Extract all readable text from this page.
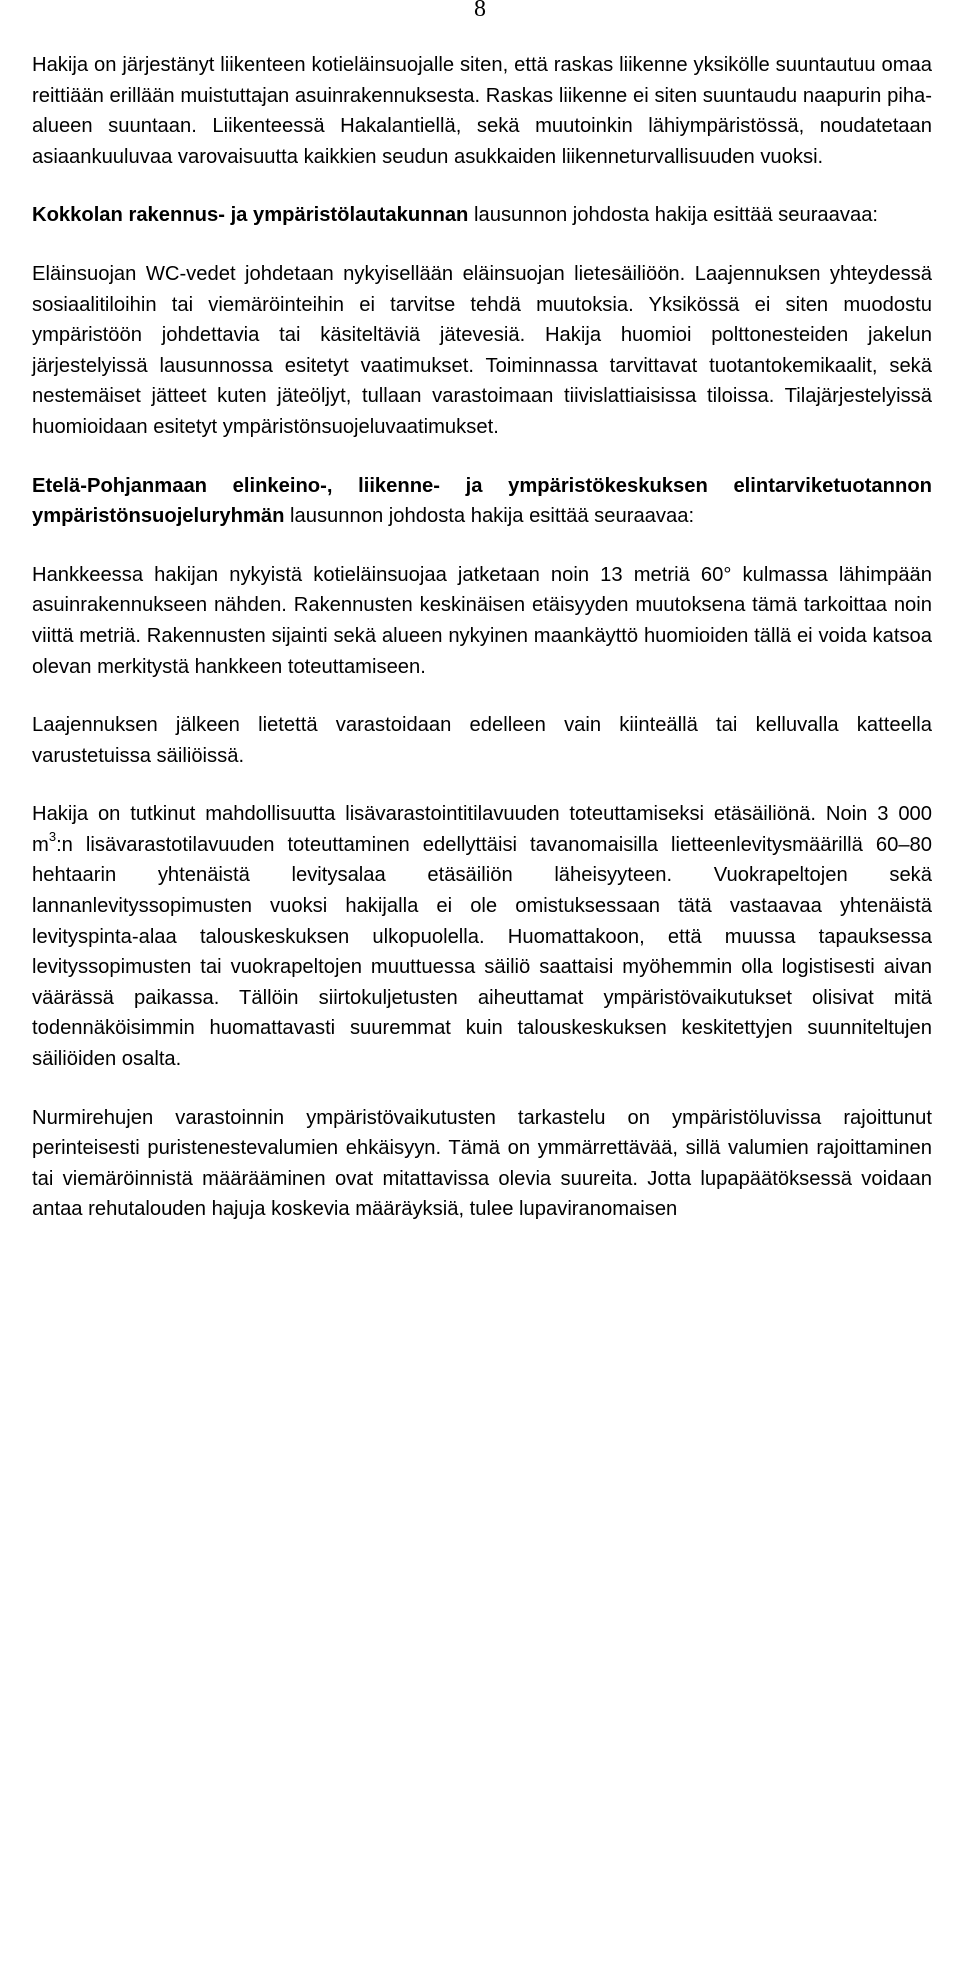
8

Hakija on järjestänyt liikenteen kotieläinsuojalle siten, että raskas liikenne yksikölle suuntautuu omaa reittiään erillään muistuttajan asuinrakennuksesta. Raskas liikenne ei siten suuntaudu naapurin piha-alueen suuntaan. Liikenteessä Hakalantiellä, sekä muutoinkin lähiympäristössä, noudatetaan asiaankuuluvaa varovaisuutta kaikkien seudun asukkaiden liikenneturvallisuuden vuoksi.

Kokkolan rakennus- ja ympäristölautakunnan lausunnon johdosta hakija esittää seuraavaa:

Eläinsuojan WC-vedet johdetaan nykyisellään eläinsuojan lietesäiliöön. Laajennuksen yhteydessä sosiaalitiloihin tai viemäröinteihin ei tarvitse tehdä muutoksia. Yksikössä ei siten muodostu ympäristöön johdettavia tai käsiteltäviä jätevesiä. Hakija huomioi polttonesteiden jakelun järjestelyissä lausunnossa esitetyt vaatimukset. Toiminnassa tarvittavat tuotantokemikaalit, sekä nestemäiset jätteet kuten jäteöljyt, tullaan varastoimaan tiivislattiaisissa tiloissa. Tilajärjestelyissä huomioidaan esitetyt ympäristönsuojeluvaatimukset.

Etelä-Pohjanmaan elinkeino-, liikenne- ja ympäristökeskuksen elintarviketuotannon ympäristönsuojeluryhmän lausunnon johdosta hakija esittää seuraavaa:

Hankkeessa hakijan nykyistä kotieläinsuojaa jatketaan noin 13 metriä 60° kulmassa lähimpään asuinrakennukseen nähden. Rakennusten keskinäisen etäisyyden muutoksena tämä tarkoittaa noin viittä metriä. Rakennusten sijainti sekä alueen nykyinen maankäyttö huomioiden tällä ei voida katsoa olevan merkitystä hankkeen toteuttamiseen.

Laajennuksen jälkeen lietettä varastoidaan edelleen vain kiinteällä tai kelluvalla katteella varustetuissa säiliöissä.

Hakija on tutkinut mahdollisuutta lisävarastointitilavuuden toteuttamiseksi etäsäiliönä. Noin 3 000 $m^3:n$ lisävarastotilavuuden toteuttaminen edellyttäisi tavanomaisilla lietteenlevitysmäärillä 60–80 hehtaarin yhtenäistä levitysalaa etäsäiliön läheisyyteen. Vuokrapeltojen sekä lannanlevityssopimusten vuoksi hakijalla ei ole omistuksessaan tätä vastaavaa yhtenäistä levityspinta-alaa talouskeskuksen ulkopuolella. Huomattakoon, että muussa tapauksessa levityssopimusten tai vuokrapeltojen muuttuessa säiliö saattaisi myöhemmin olla logistisesti aivan väärässä paikassa. Tällöin siirtokuljetusten aiheuttamat ympäristövaikutukset olisivat mitä todennäköisimmin huomattavasti suuremmat kuin talouskeskuksen keskitettyjen suunniteltujen säiliöiden osalta.

Nurmirehujen varastoinnin ympäristövaikutusten tarkastelu on ympäristöluvissa rajoittunut perinteisesti puristenestevalumien ehkäisyyn. Tämä on ymmärrettävää, sillä valumien rajoittaminen tai viemäröinnistä määrääminen ovat mitattavissa olevia suureita. Jotta lupapäätöksessä voidaan antaa rehutalouden hajuja koskevia määräyksiä, tulee lupaviranomaisen
